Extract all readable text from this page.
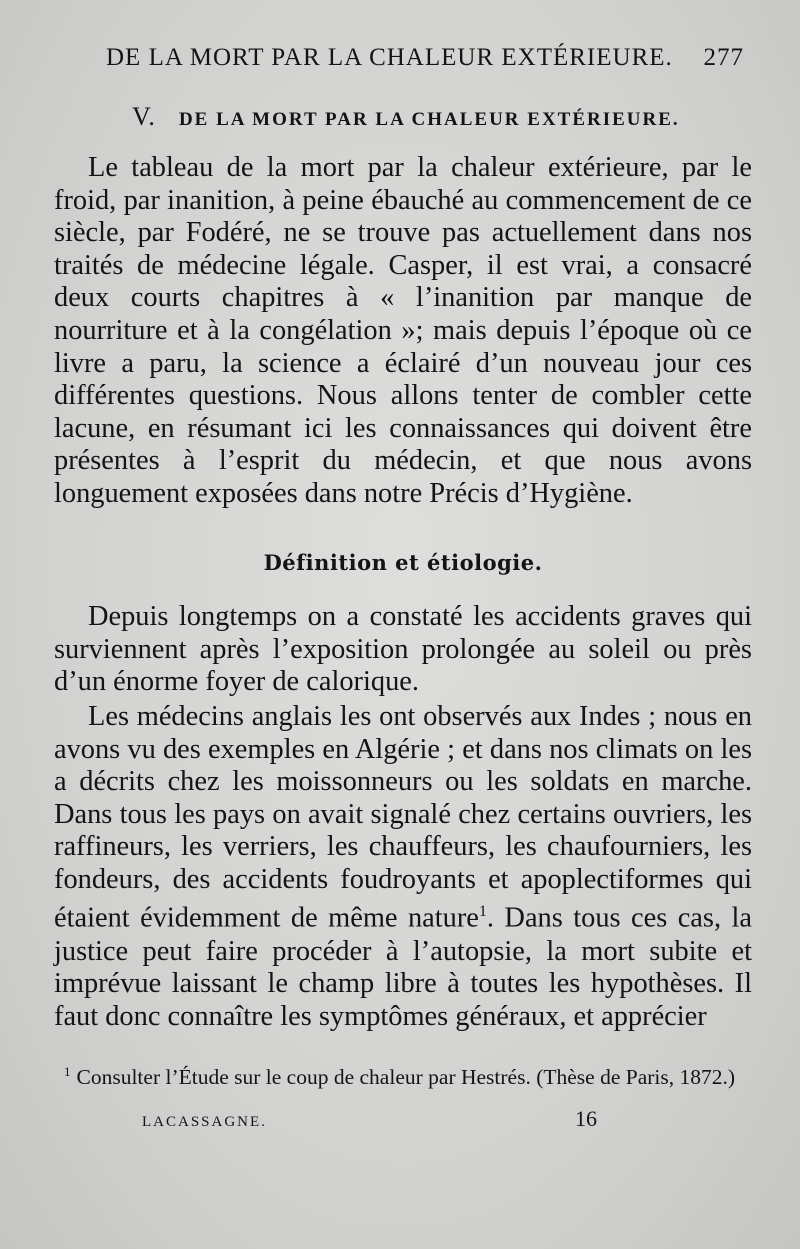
DE LA MORT PAR LA CHALEUR EXTÉRIEURE. 277
V. DE LA MORT PAR LA CHALEUR EXTÉRIEURE.

Le tableau de la mort par la chaleur extérieure, par le froid, par inanition, à peine ébauché au commencement de ce siècle, par Fodéré, ne se trouve pas actuellement dans nos traités de médecine légale. Casper, il est vrai, a consacré deux courts chapitres à « l’inanition par manque de nourriture et à la congélation »; mais depuis l’époque où ce livre a paru, la science a éclairé d’un nouveau jour ces différentes questions. Nous allons tenter de combler cette lacune, en résumant ici les connaissances qui doivent être présentes à l’esprit du médecin, et que nous avons longuement exposées dans notre Précis d’Hygiène.

Définition et étiologie.

Depuis longtemps on a constaté les accidents graves qui surviennent après l’exposition prolongée au soleil ou près d’un énorme foyer de calorique.

Les médecins anglais les ont observés aux Indes ; nous en avons vu des exemples en Algérie ; et dans nos climats on les a décrits chez les moissonneurs ou les soldats en marche. Dans tous les pays on avait signalé chez certains ouvriers, les raffineurs, les verriers, les chauffeurs, les chaufourniers, les fondeurs, des accidents foudroyants et apoplectiformes qui étaient évidemment de même nature$^1$. Dans tous ces cas, la justice peut faire procéder à l’autopsie, la mort subite et imprévue laissant le champ libre à toutes les hypothèses. Il faut donc connaître les symptômes généraux, et apprécier

$^1$ Consulter l’Étude sur le coup de chaleur par Hestrés. (Thèse de Paris, 1872.)
LACASSAGNE.	16
